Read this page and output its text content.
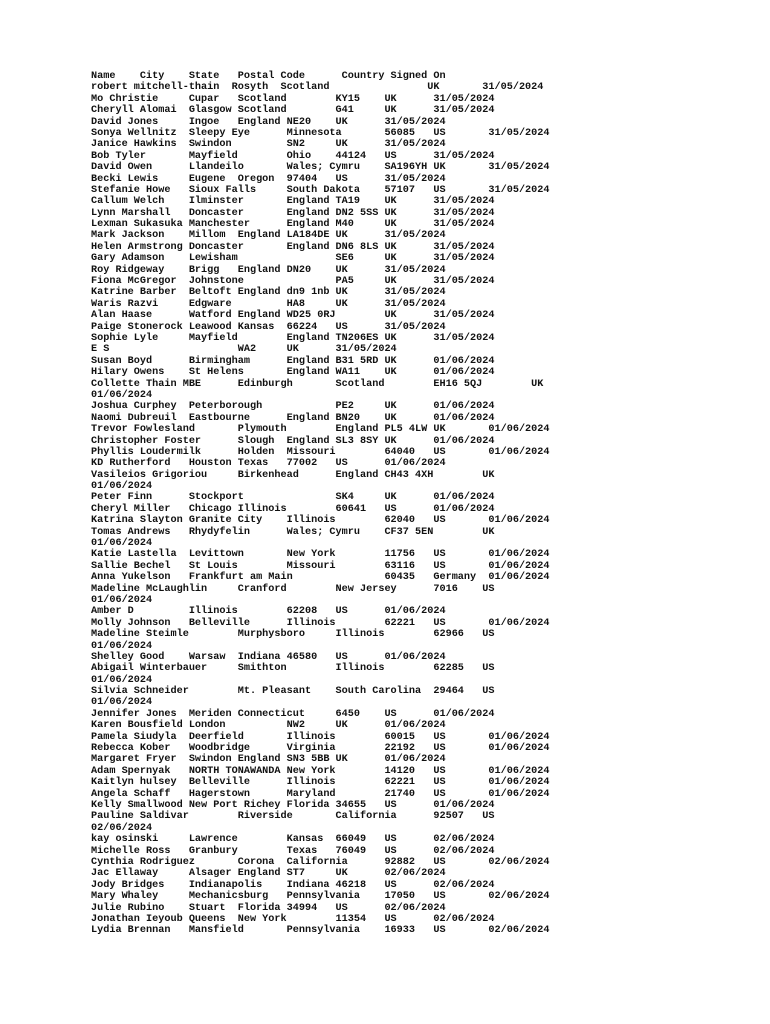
Name    City    State   Postal Code      Country Signed On
robert mitchell-thain  Rosyth  Scotland                UK       31/05/2024
Mo Christie     Cupar   Scotland        KY15    UK      31/05/2024
Cheryll Alomai  Glasgow Scotland        G41     UK      31/05/2024
David Jones     Ingoe   England NE20    UK      31/05/2024
Sonya Wellnitz  Sleepy Eye      Minnesota       56085   US       31/05/2024
Janice Hawkins  Swindon         SN2     UK      31/05/2024
Bob Tyler       Mayfield        Ohio    44124   US      31/05/2024
David Owen      Llandeilo       Wales; Cymru    SA196YH UK       31/05/2024
Becki Lewis     Eugene  Oregon  97404   US      31/05/2024
Stefanie Howe   Sioux Falls     South Dakota    57107   US       31/05/2024
Callum Welch    Ilminster       England TA19    UK      31/05/2024
Lynn Marshall   Doncaster       England DN2 5SS UK      31/05/2024
Lexman Sukasuka Manchester      England M40     UK      31/05/2024
Mark Jackson    Millom  England LA184DE UK      31/05/2024
Helen Armstrong Doncaster       England DN6 8LS UK      31/05/2024
Gary Adamson    Lewisham                SE6     UK      31/05/2024
Roy Ridgeway    Brigg   England DN20    UK      31/05/2024
Fiona McGregor  Johnstone               PA5     UK      31/05/2024
Katrine Barber  Beltoft England dn9 1nb UK      31/05/2024
Waris Razvi     Edgware         HA8     UK      31/05/2024
Alan Haase      Watford England WD25 0RJ        UK      31/05/2024
Paige Stonerock Leawood Kansas  66224   US      31/05/2024
Sophie Lyle     Mayfield        England TN206ES UK      31/05/2024
E S                     WA2     UK      31/05/2024
Susan Boyd      Birmingham      England B31 5RD UK      01/06/2024
Hilary Owens    St Helens       England WA11    UK      01/06/2024
Collette Thain MBE      Edinburgh       Scotland        EH16 5QJ        UK
01/06/2024
Joshua Curphey  Peterborough            PE2     UK      01/06/2024
Naomi Dubreuil  Eastbourne      England BN20    UK      01/06/2024
Trevor Fowlesland       Plymouth        England PL5 4LW UK       01/06/2024
Christopher Foster      Slough  England SL3 8SY UK      01/06/2024
Phyllis Loudermilk      Holden  Missouri        64040   US       01/06/2024
KD Rutherford   Houston Texas   77002   US      01/06/2024
Vasileios Grigoriou     Birkenhead      England CH43 4XH        UK
01/06/2024
Peter Finn      Stockport               SK4     UK      01/06/2024
Cheryl Miller   Chicago Illinois        60641   US      01/06/2024
Katrina Slayton Granite City    Illinois        62040   US       01/06/2024
Tomas Andrews   Rhydyfelin      Wales; Cymru    CF37 5EN        UK
01/06/2024
Katie Lastella  Levittown       New York        11756   US       01/06/2024
Sallie Bechel   St Louis        Missouri        63116   US       01/06/2024
Anna Yukelson   Frankfurt am Main               60435   Germany  01/06/2024
Madeline McLaughlin     Cranford        New Jersey      7016    US
01/06/2024
Amber D         Illinois        62208   US      01/06/2024
Molly Johnson   Belleville      Illinois        62221   US       01/06/2024
Madeline Steimle        Murphysboro     Illinois        62966   US
01/06/2024
Shelley Good    Warsaw  Indiana 46580   US      01/06/2024
Abigail Winterbauer     Smithton        Illinois        62285   US
01/06/2024
Silvia Schneider        Mt. Pleasant    South Carolina  29464   US
01/06/2024
Jennifer Jones  Meriden Connecticut     6450    US      01/06/2024
Karen Bousfield London          NW2     UK      01/06/2024
Pamela Siudyla  Deerfield       Illinois        60015   US       01/06/2024
Rebecca Kober   Woodbridge      Virginia        22192   US       01/06/2024
Margaret Fryer  Swindon England SN3 5BB UK      01/06/2024
Adam Spernyak   NORTH TONAWANDA New York        14120   US       01/06/2024
Kaitlyn hulsey  Belleville      Illinois        62221   US       01/06/2024
Angela Schaff   Hagerstown      Maryland        21740   US       01/06/2024
Kelly Smallwood New Port Richey Florida 34655   US      01/06/2024
Pauline Saldivar        Riverside       California      92507   US
02/06/2024
kay osinski     Lawrence        Kansas  66049   US      02/06/2024
Michelle Ross   Granbury        Texas   76049   US      02/06/2024
Cynthia Rodriguez       Corona  California      92882   US       02/06/2024
Jac Ellaway     Alsager England ST7     UK      02/06/2024
Jody Bridges    Indianapolis    Indiana 46218   US      02/06/2024
Mary Whaley     Mechanicsburg   Pennsylvania    17050   US       02/06/2024
Julie Rubino    Stuart  Florida 34994   US      02/06/2024
Jonathan Ieyoub Queens  New York        11354   US      02/06/2024
Lydia Brennan   Mansfield       Pennsylvania    16933   US       02/06/2024
